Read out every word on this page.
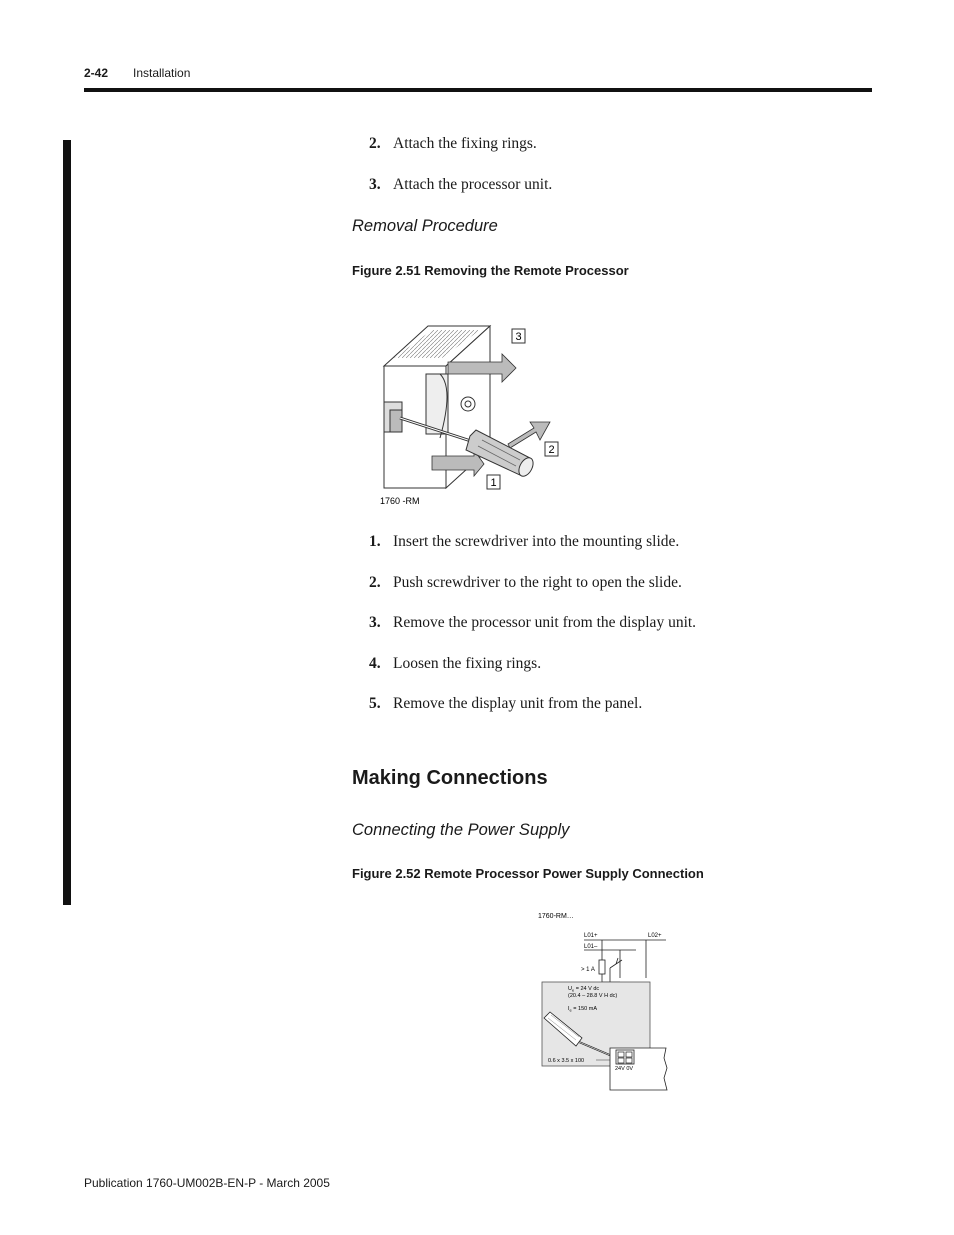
2-42 Installation
2. Attach the fixing rings.
3. Attach the processor unit.
Removal Procedure
Figure 2.51 Removing the Remote Processor
3
2
1
1760 -RM
1. Insert the screwdriver into the mounting slide.
2. Push screwdriver to the right to open the slide.
3. Remove the processor unit from the display unit.
4. Loosen the fixing rings.
5. Remove the display unit from the panel.
Making Connections
Connecting the Power Supply
Figure 2.52 Remote Processor Power Supply Connection
1760-RM…
L01+
L01–
L02+
> 1 A
$U_e = 24$ V dc
(20.4 – 28.8 V H dc)
$I_e = 150$ mA
0.6 x 3.5 x 100
24V 0V
Publication 1760-UM002B-EN-P - March 2005
